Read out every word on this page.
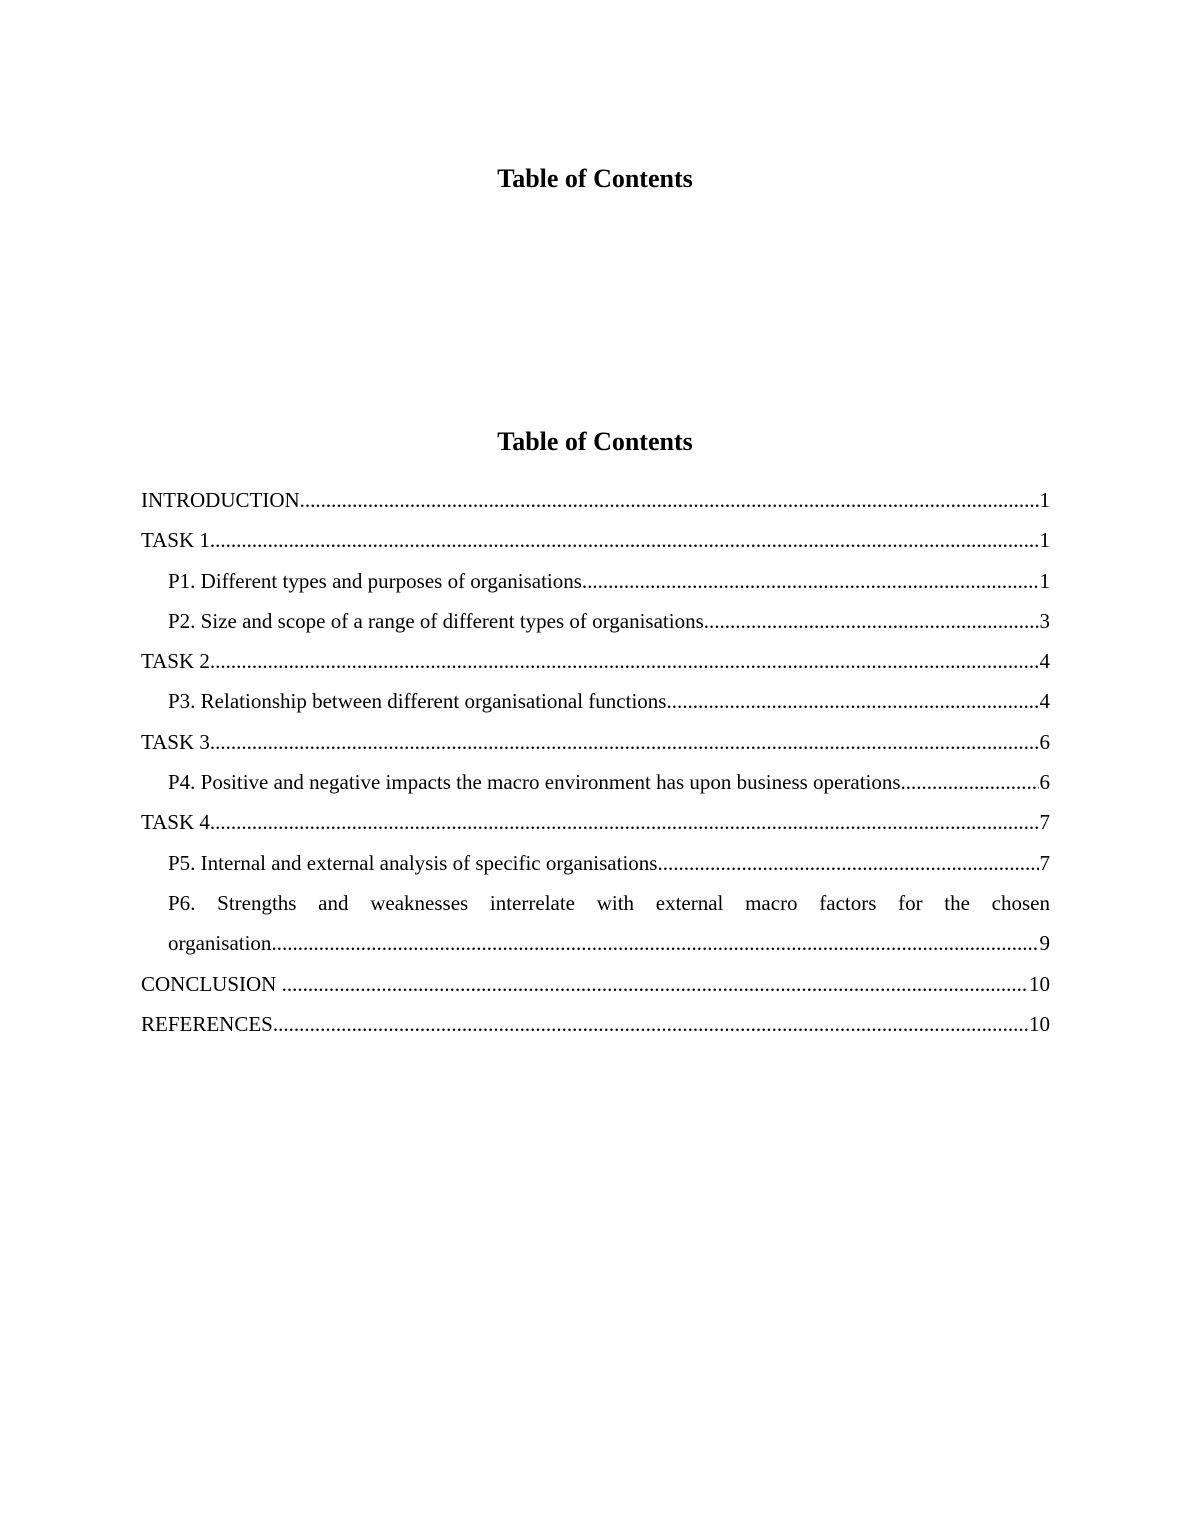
Table of Contents
Table of Contents
INTRODUCTION .....	1
TASK 1 .....	1
P1. Different types and purposes of organisations .....	1
P2. Size and scope of a range of different types of organisations .....	3
TASK 2 .....	4
P3. Relationship between different organisational functions .....	4
TASK 3 .....	6
P4. Positive and negative impacts the macro environment has upon business operations .....	6
TASK 4 .....	7
P5. Internal and external analysis of specific organisations .....	7
P6. Strengths and weaknesses interrelate with external macro factors for the chosen
organisation .....	9
CONCLUSION  .....	10
REFERENCES .....	10
